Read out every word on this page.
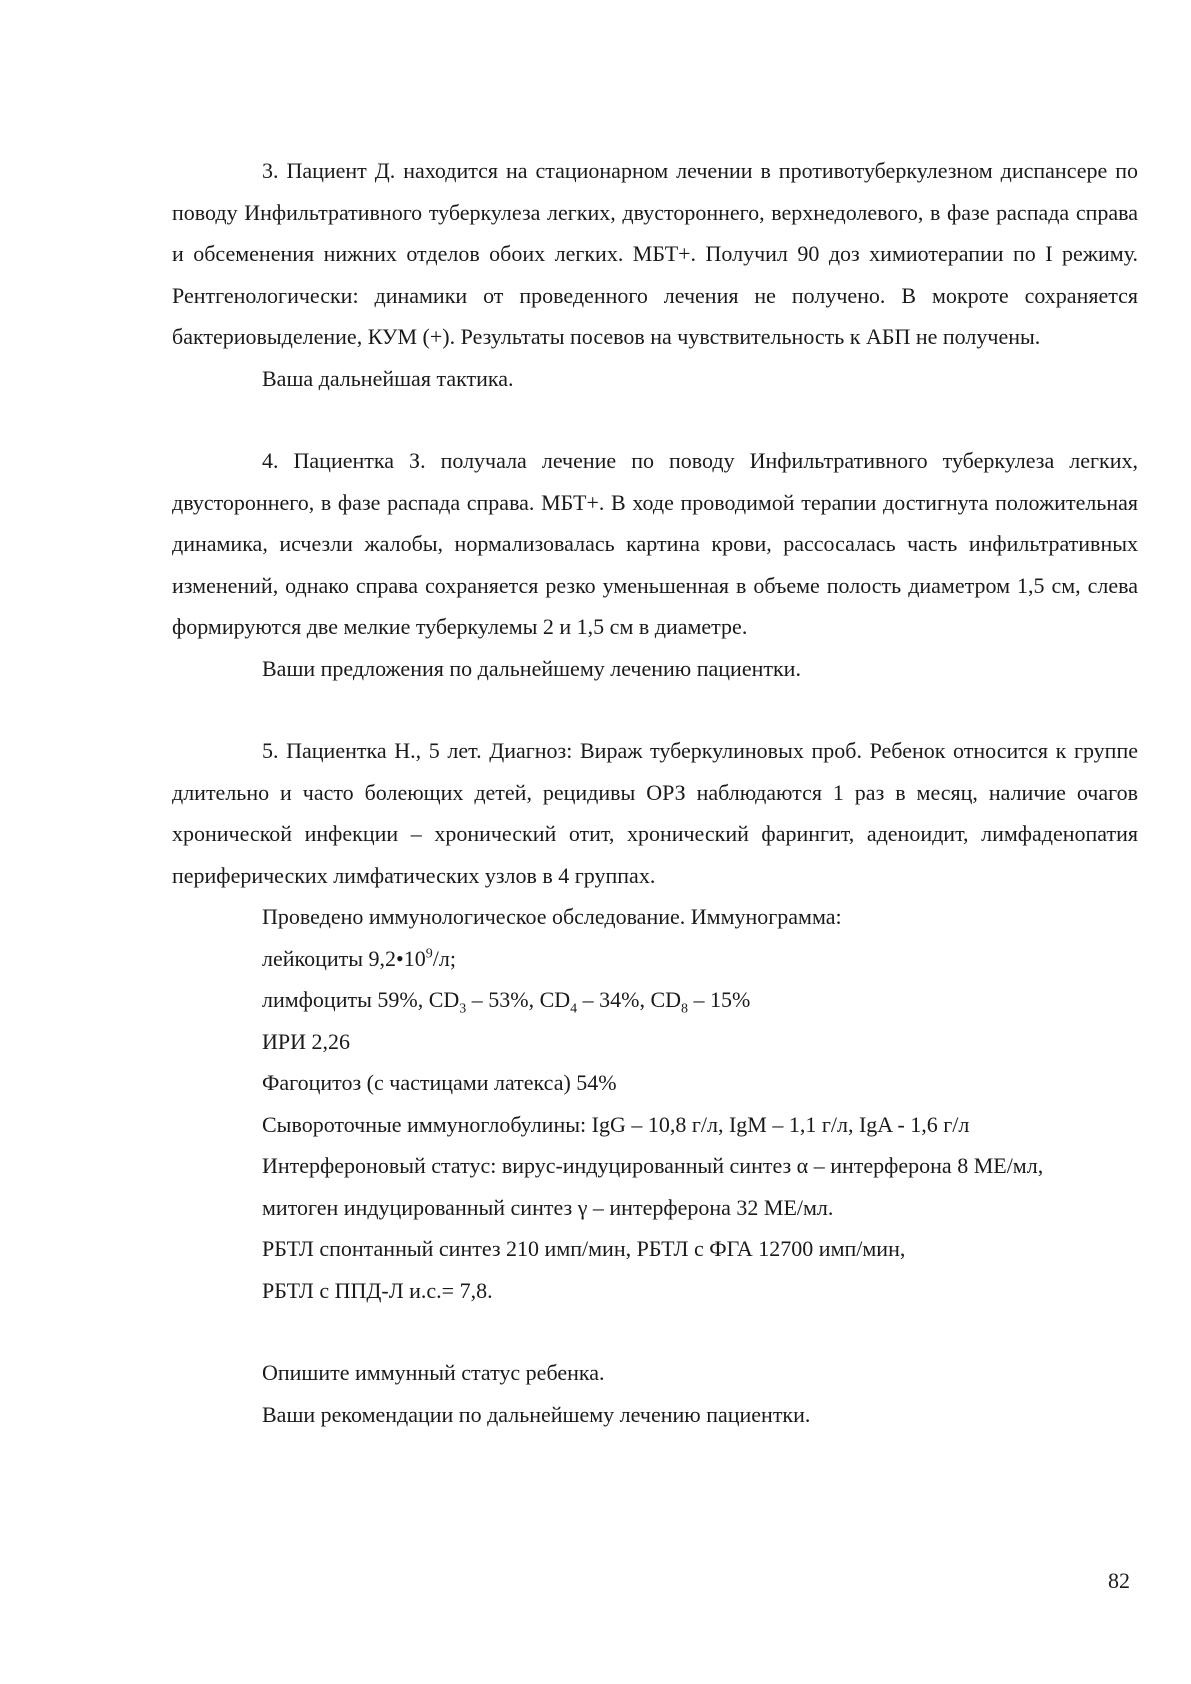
3. Пациент Д. находится на стационарном лечении в противотуберкулезном диспансере по поводу Инфильтративного туберкулеза легких, двустороннего, верхнедолевого, в фазе распада справа и обсеменения нижних отделов обоих легких. МБТ+. Получил 90 доз химиотерапии по I режиму. Рентгенологически: динамики от проведенного лечения не получено. В мокроте сохраняется бактериовыделение, КУМ (+). Результаты посевов на чувствительность к АБП не получены.

Ваша дальнейшая тактика.

4. Пациентка З. получала лечение по поводу Инфильтративного туберкулеза легких, двустороннего, в фазе распада справа. МБТ+. В ходе проводимой терапии достигнута положительная динамика, исчезли жалобы, нормализовалась картина крови, рассосалась часть инфильтративных изменений, однако справа сохраняется резко уменьшенная в объеме полость диаметром 1,5 см, слева формируются две мелкие туберкулемы 2 и 1,5 см в диаметре.

Ваши предложения по дальнейшему лечению пациентки.

5. Пациентка Н., 5 лет. Диагноз: Вираж туберкулиновых проб. Ребенок относится к группе длительно и часто болеющих детей, рецидивы ОРЗ наблюдаются 1 раз в месяц, наличие очагов хронической инфекции – хронический отит, хронический фарингит, аденоидит, лимфаденопатия периферических лимфатических узлов в 4 группах.

Проведено иммунологическое обследование. Иммунограмма:

лейкоциты $9,2•10^9/л$;

лимфоциты 59%, $CD_3 - 53\%$, $CD_4 - 34\%$, $CD_8 - 15\%$

ИРИ 2,26

Фагоцитоз (с частицами латекса) 54%

Сывороточные иммуноглобулины: IgG – 10,8 г/л, IgM – 1,1 г/л, IgA - 1,6 г/л

Интерфероновый статус: вирус-индуцированный синтез α – интерферона 8 МЕ/мл,

митоген индуцированный синтез γ – интерферона 32 МЕ/мл.

РБТЛ спонтанный синтез 210 имп/мин, РБТЛ с ФГА 12700 имп/мин,

РБТЛ с ППД-Л и.с.= 7,8.

Опишите иммунный статус ребенка.

Ваши рекомендации по дальнейшему лечению пациентки.

82
